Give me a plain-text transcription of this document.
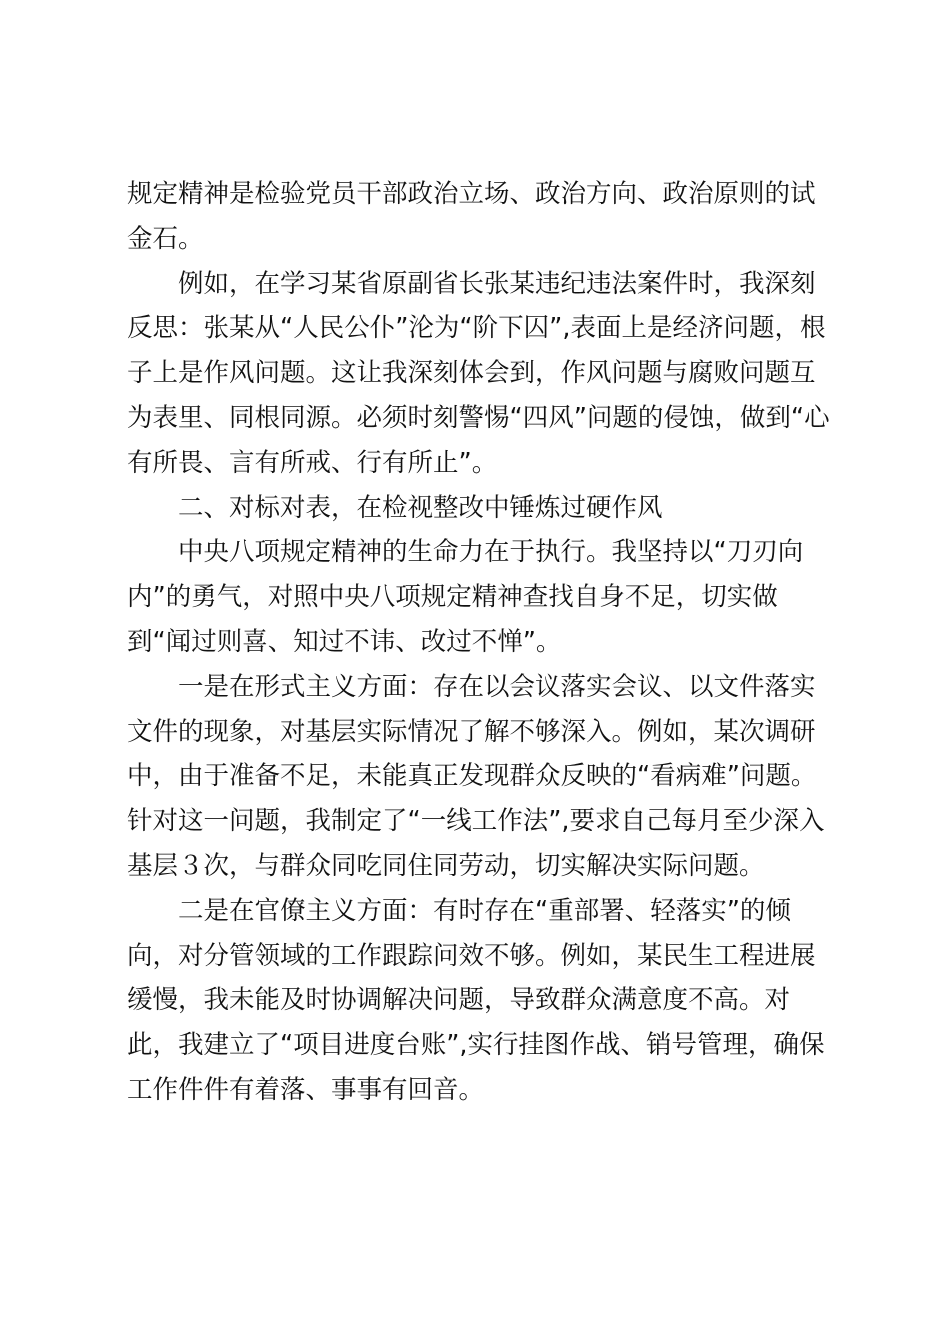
规定精神是检验党员干部政治立场、政治方向、政治原则的试
金石。
例如，在学习某省原副省长张某违纪违法案件时，我深刻
反思：张某从“人民公仆”沦为“阶下囚”,表面上是经济问题，根
子上是作风问题。这让我深刻体会到，作风问题与腐败问题互
为表里、同根同源。必须时刻警惕“四风”问题的侵蚀，做到“心
有所畏、言有所戒、行有所止”。
二、对标对表，在检视整改中锤炼过硬作风
中央八项规定精神的生命力在于执行。我坚持以“刀刃向
内”的勇气，对照中央八项规定精神查找自身不足，切实做
到“闻过则喜、知过不讳、改过不惮”。
一是在形式主义方面：存在以会议落实会议、以文件落实
文件的现象，对基层实际情况了解不够深入。例如，某次调研
中，由于准备不足，未能真正发现群众反映的“看病难”问题。
针对这一问题，我制定了“一线工作法”,要求自己每月至少深入
基层３次，与群众同吃同住同劳动，切实解决实际问题。
二是在官僚主义方面：有时存在“重部署、轻落实”的倾
向，对分管领域的工作跟踪问效不够。例如，某民生工程进展
缓慢，我未能及时协调解决问题，导致群众满意度不高。对
此，我建立了“项目进度台账”,实行挂图作战、销号管理，确保
工作件件有着落、事事有回音。
